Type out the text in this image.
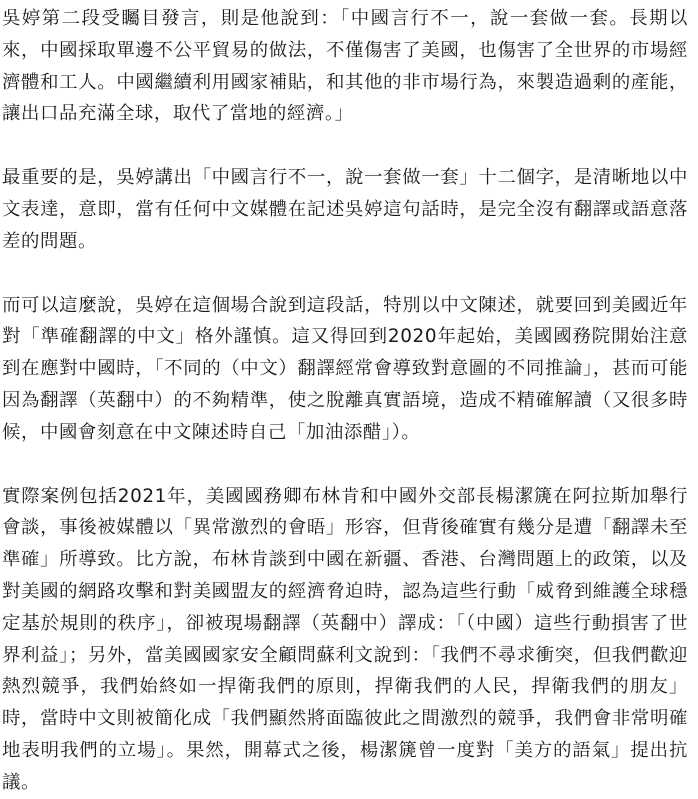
吳婷第二段受矚目發言，則是他說到：「中國言行不一，說一套做一套。長期以來，中國採取單邊不公平貿易的做法，不僅傷害了美國，也傷害了全世界的市場經濟體和工人。中國繼續利用國家補貼，和其他的非市場行為，來製造過剩的產能，讓出口品充滿全球，取代了當地的經濟。」

最重要的是，吳婷講出「中國言行不一，說一套做一套」十二個字，是清晰地以中文表達，意即，當有任何中文媒體在記述吳婷這句話時，是完全沒有翻譯或語意落差的問題。

而可以這麼說，吳婷在這個場合說到這段話，特別以中文陳述，就要回到美國近年對「準確翻譯的中文」格外謹慎。這又得回到2020年起始，美國國務院開始注意到在應對中國時，「不同的（中文）翻譯經常會導致對意圖的不同推論」，甚而可能因為翻譯（英翻中）的不夠精準，使之脫離真實語境，造成不精確解讀（又很多時候，中國會刻意在中文陳述時自己「加油添醋」）。

實際案例包括2021年，美國國務卿布林肯和中國外交部長楊潔篪在阿拉斯加舉行會談，事後被媒體以「異常激烈的會晤」形容，但背後確實有幾分是遭「翻譯未至準確」所導致。比方說，布林肯談到中國在新疆、香港、台灣問題上的政策，以及對美國的網路攻擊和對美國盟友的經濟脅迫時，認為這些行動「威脅到維護全球穩定基於規則的秩序」，卻被現場翻譯（英翻中）譯成：「（中國）這些行動損害了世界利益」；另外，當美國國家安全顧問蘇利文說到：「我們不尋求衝突，但我們歡迎熱烈競爭，我們始終如一捍衛我們的原則，捍衛我們的人民，捍衛我們的朋友」時，當時中文則被簡化成「我們顯然將面臨彼此之間激烈的競爭，我們會非常明確地表明我們的立場」。果然，開幕式之後，楊潔篪曾一度對「美方的語氣」提出抗議。
